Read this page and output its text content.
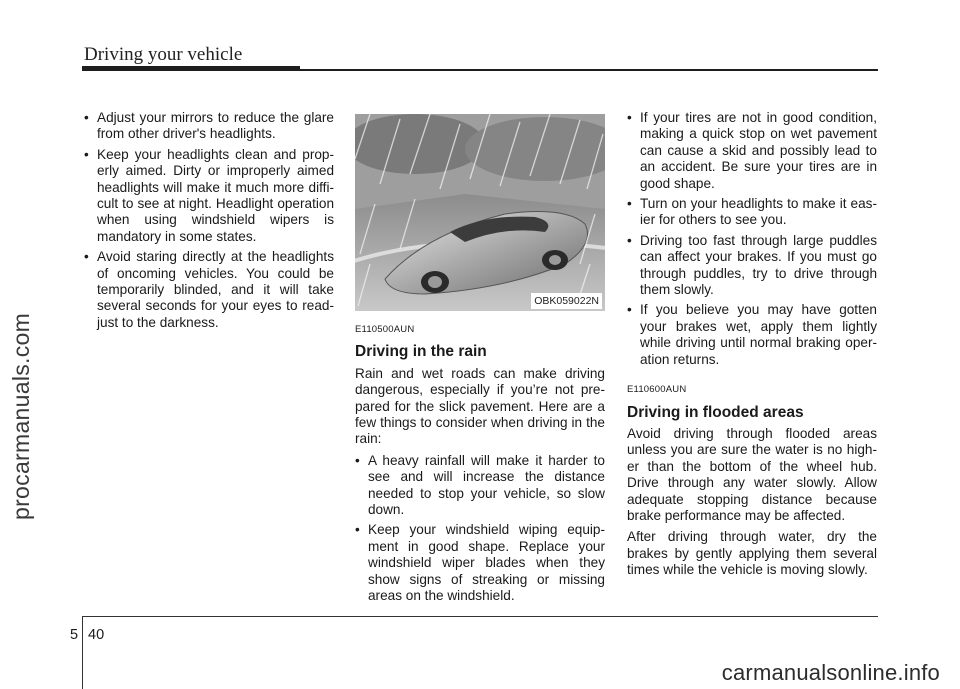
Driving your vehicle
procarmanuals.com
• Adjust your mirrors to reduce the glare from other driver's headlights.
• Keep your headlights clean and prop-erly aimed. Dirty or improperly aimed headlights will make it much more diffi-cult to see at night. Headlight operation when using windshield wipers is mandatory in some states.
• Avoid staring directly at the headlights of oncoming vehicles. You could be temporarily blinded, and it will take several seconds for your eyes to read-just to the darkness.
OBK059022N
E110500AUN
Driving in the rain
Rain and wet roads can make driving dangerous, especially if you’re not pre-pared for the slick pavement. Here are a few things to consider when driving in the rain:
• A heavy rainfall will make it harder to see and will increase the distance needed to stop your vehicle, so slow down.
• Keep your windshield wiping equip-ment in good shape. Replace your windshield wiper blades when they show signs of streaking or missing areas on the windshield.
• If your tires are not in good condition, making a quick stop on wet pavement can cause a skid and possibly lead to an accident. Be sure your tires are in good shape.
• Turn on your headlights to make it eas-ier for others to see you.
• Driving too fast through large puddles can affect your brakes. If you must go through puddles, try to drive through them slowly.
• If you believe you may have gotten your brakes wet, apply them lightly while driving until normal braking oper-ation returns.
E110600AUN
Driving in flooded areas
Avoid driving through flooded areas unless you are sure the water is no high-er than the bottom of the wheel hub. Drive through any water slowly. Allow adequate stopping distance because brake performance may be affected.
After driving through water, dry the brakes by gently applying them several times while the vehicle is moving slowly.
5 40
carmanualsonline.info
